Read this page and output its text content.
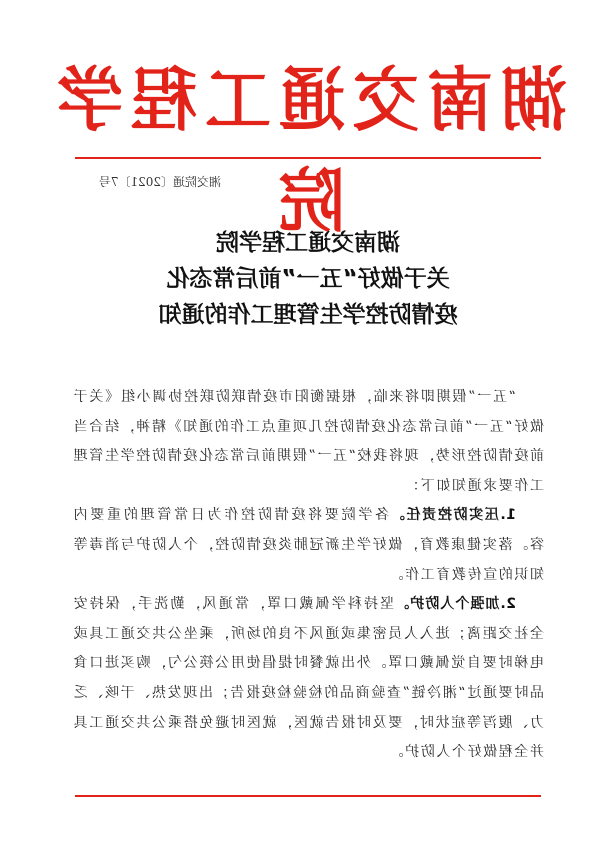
湖南交通工程学院
湘交院通〔2021〕7号
湖南交通工程学院
关于做好“五一”前后常态化
疫情防控学生管理工作的通知

“五一”假期即将来临，根据衡阳市疫情联防联控协调小组《关于做好“五一”前后常态化疫情防控几项重点工作的通知》精神，结合当前疫情防控形势，现将我校“五一”假期前后常态化疫情防控学生管理工作要求通知如下：

1.压实防控责任。各学院要将疫情防控作为日常管理的重要内容。落实健康教育，做好学生新冠肺炎疫情防控，个人防护与消毒等知识的宣传教育工作。

2.加强个人防护。坚持科学佩戴口罩，常通风，勤洗手，保持安全社交距离；进入人员密集或通风不良的场所，乘坐公共交通工具或电梯时要自觉佩戴口罩。外出就餐时提倡使用公筷公勺，购买进口食品时要通过“湘冷链”查验商品的检验检疫报告；出现发热、干咳、乏力、腹泻等症状时，要及时报告就医，就医时避免搭乘公共交通工具并全程做好个人防护。
